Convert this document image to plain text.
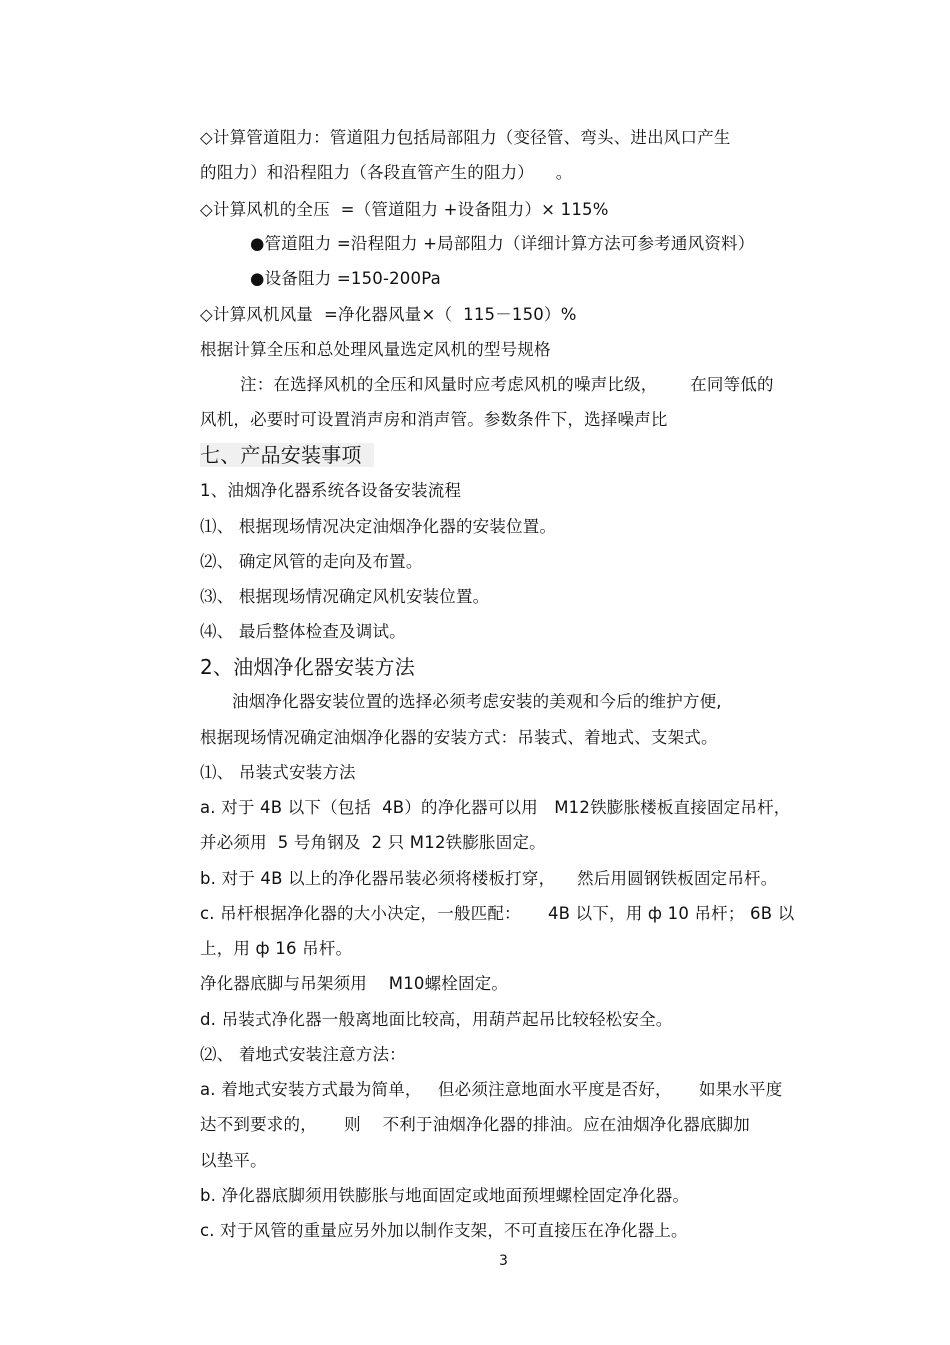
◇计算管道阻力：管道阻力包括局部阻力（变径管、弯头、进出风口产生
的阻力）和沿程阻力（各段直管产生的阻力）    。
◇计算风机的全压  =（管道阻力 +设备阻力）× 115%
●管道阻力 =沿程阻力 +局部阻力（详细计算方法可参考通风资料）
●设备阻力 =150-200Pa
◇计算风机风量  =净化器风量×（  115－150）%
根据计算全压和总处理风量选定风机的型号规格
注：在选择风机的全压和风量时应考虑风机的噪声比级，      在同等低的
风机，必要时可设置消声房和消声管。参数条件下，选择噪声比
七、产品安装事项
1、油烟净化器系统各设备安装流程
⑴、 根据现场情况决定油烟净化器的安装位置。
⑵、 确定风管的走向及布置。
⑶、 根据现场情况确定风机安装位置。
⑷、 最后整体检查及调试。
2、油烟净化器安装方法
油烟净化器安装位置的选择必须考虑安装的美观和今后的维护方便,
根据现场情况确定油烟净化器的安装方式：吊装式、着地式、支架式。
⑴、 吊装式安装方法
a. 对于 4B 以下（包括  4B）的净化器可以用   M12铁膨胀楼板直接固定吊杆，
并必须用  5 号角钢及  2 只 M12铁膨胀固定。
b. 对于 4B 以上的净化器吊装必须将楼板打穿，    然后用圆钢铁板固定吊杆。
c. 吊杆根据净化器的大小决定，一般匹配：     4B 以下，用 ф 10 吊杆； 6B 以
上，用 ф 16 吊杆。
净化器底脚与吊架须用    M10螺栓固定。
d. 吊装式净化器一般离地面比较高，用葫芦起吊比较轻松安全。
⑵、 着地式安装注意方法：
a. 着地式安装方式最为简单，   但必须注意地面水平度是否好，     如果水平度
达不到要求的，     则    不利于油烟净化器的排油。应在油烟净化器底脚加
以垫平。
b. 净化器底脚须用铁膨胀与地面固定或地面预埋螺栓固定净化器。
c. 对于风管的重量应另外加以制作支架，不可直接压在净化器上。
3
